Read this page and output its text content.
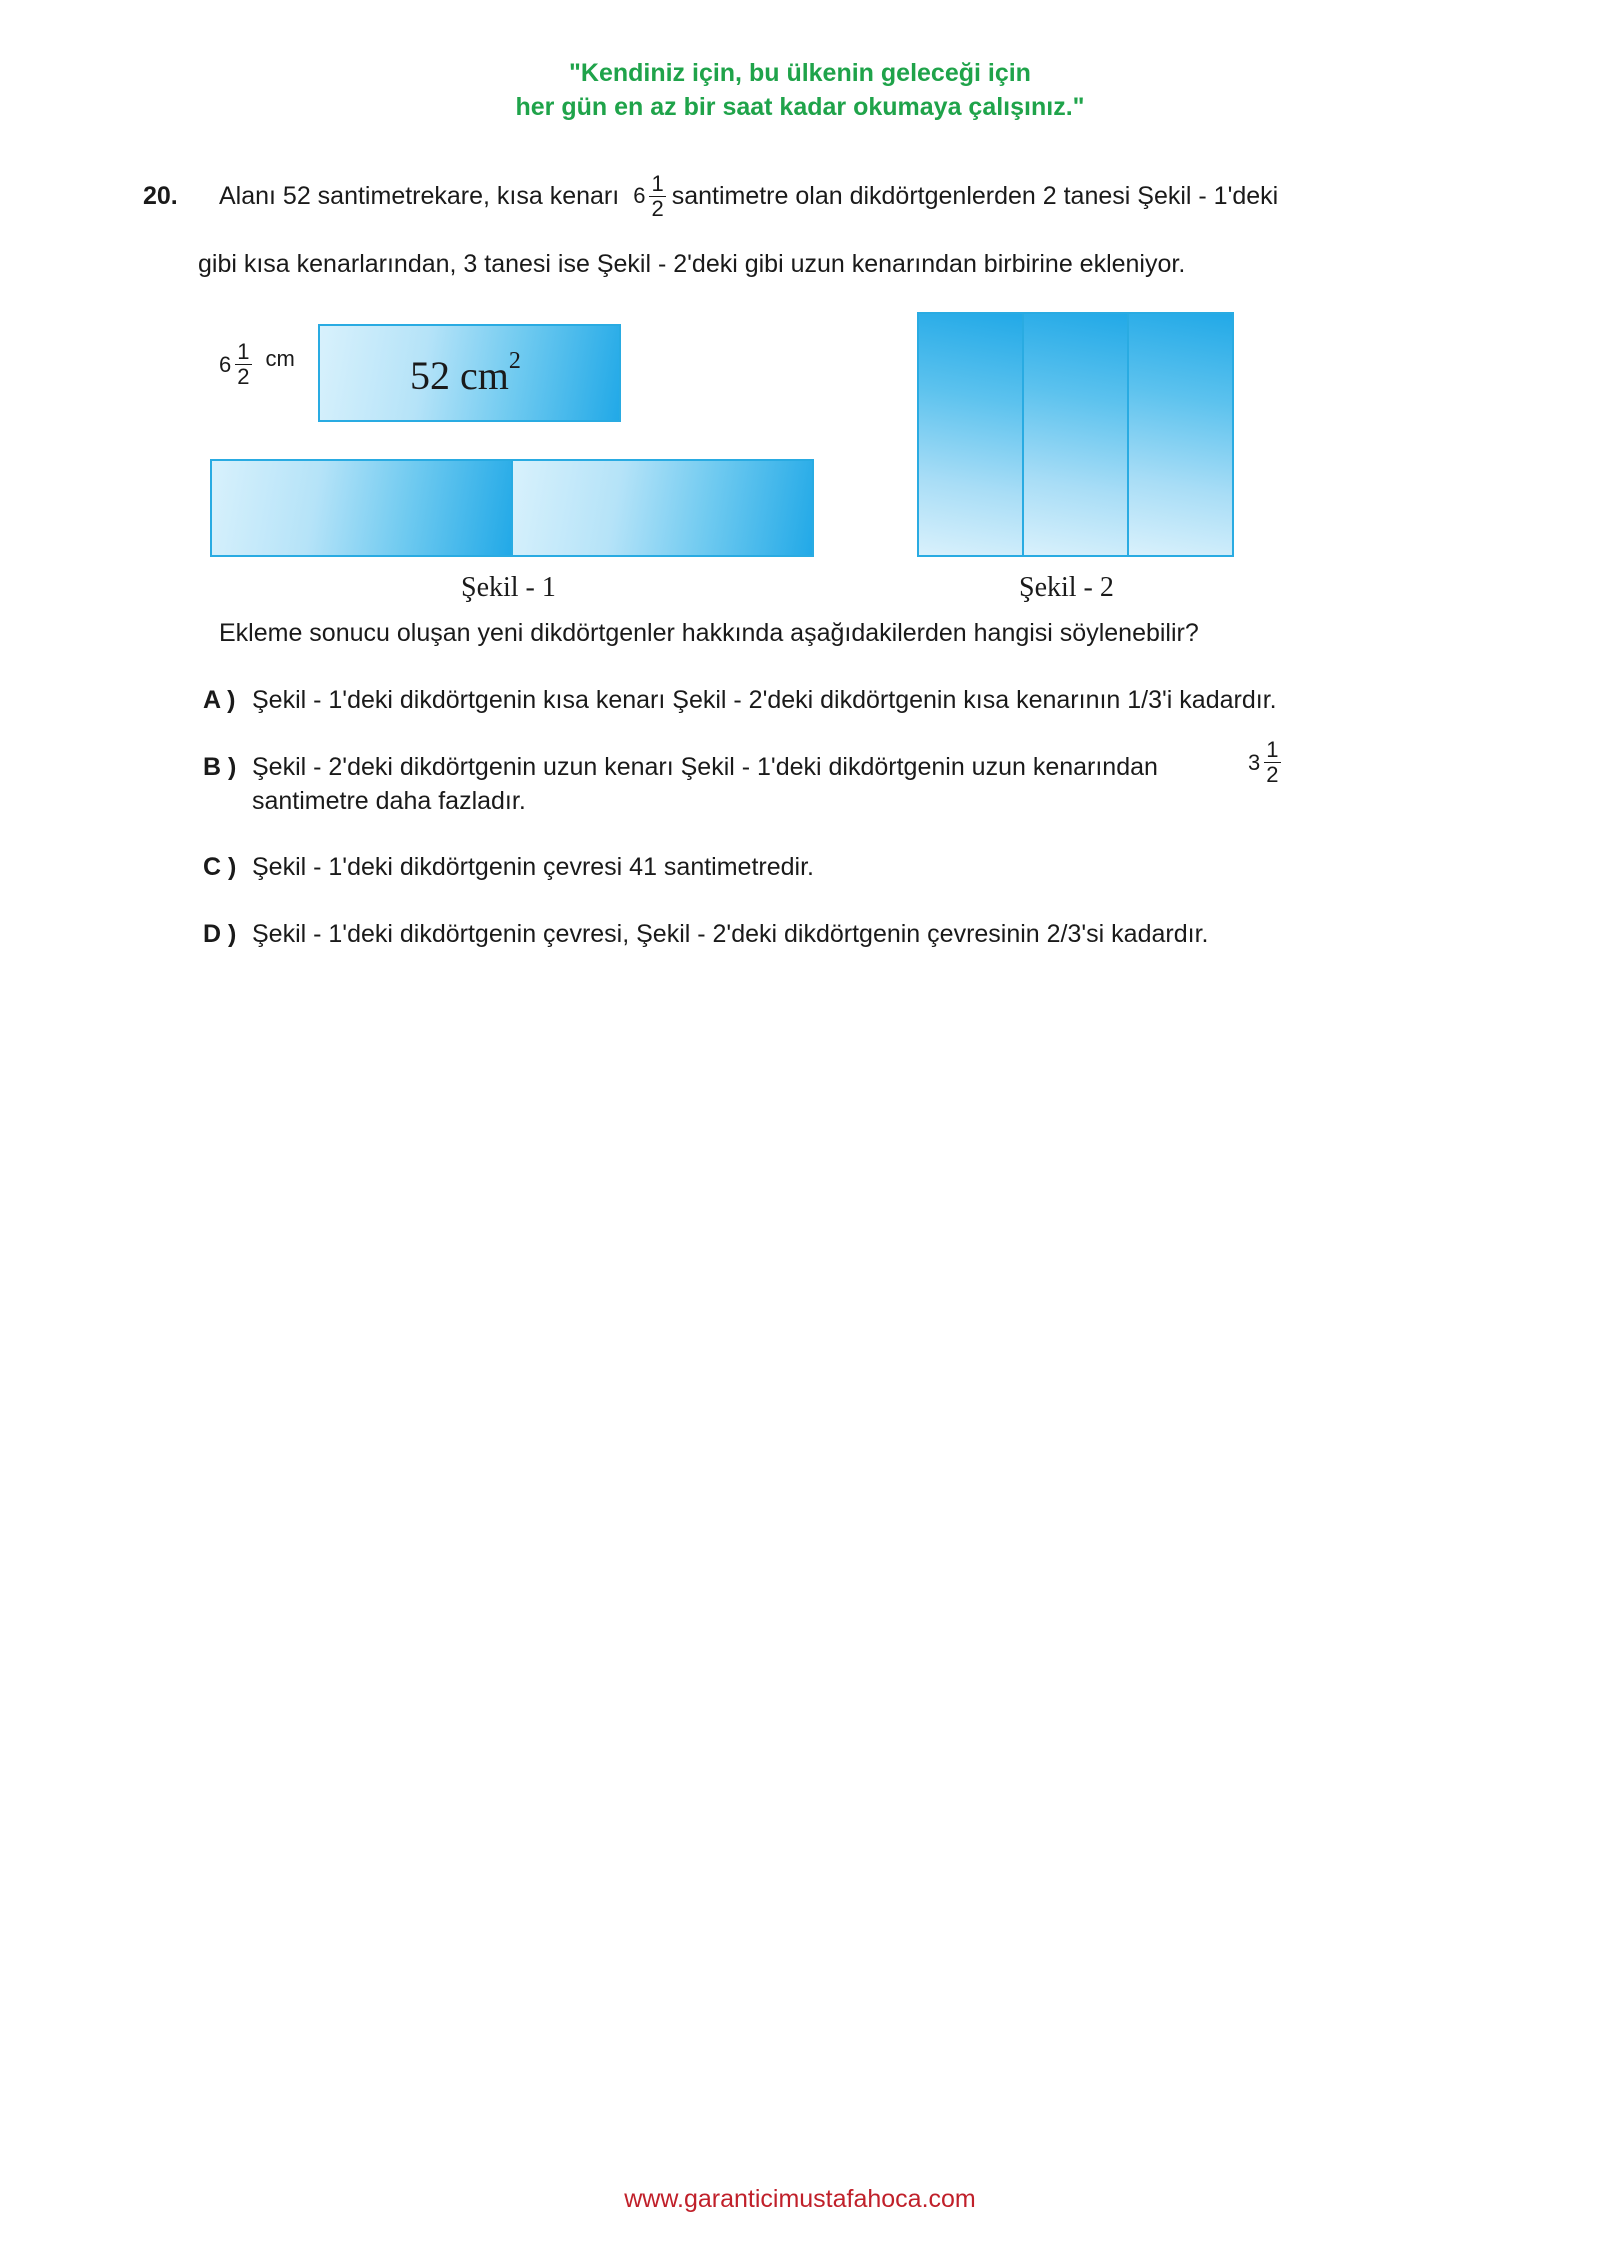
"Kendiniz için, bu ülkenin geleceği için
her gün en az bir saat kadar okumaya çalışınız."
20. Alanı 52 santimetrekare, kısa kenarı $6 \frac{1}{2}$ santimetre olan dikdörtgenlerden 2 tanesi Şekil - 1'deki
gibi kısa kenarlarından, 3 tanesi ise Şekil - 2'deki gibi uzun kenarından birbirine ekleniyor.
$6 \frac{1}{2}$ cm	52 $cm^2$
Şekil - 1	Şekil - 2
Ekleme sonucu oluşan yeni dikdörtgenler hakkında aşağıdakilerden hangisi söylenebilir?
A ) Şekil - 1'deki dikdörtgenin kısa kenarı Şekil - 2'deki dikdörtgenin kısa kenarının 1/3'i kadardır.
B ) Şekil - 2'deki dikdörtgenin uzun kenarı Şekil - 1'deki dikdörtgenin uzun kenarından	$3 \frac{1}{2}$
santimetre daha fazladır.
C ) Şekil - 1'deki dikdörtgenin çevresi 41 santimetredir.
D ) Şekil - 1'deki dikdörtgenin çevresi, Şekil - 2'deki dikdörtgenin çevresinin 2/3'si kadardır.
www.garanticimustafahoca.com
